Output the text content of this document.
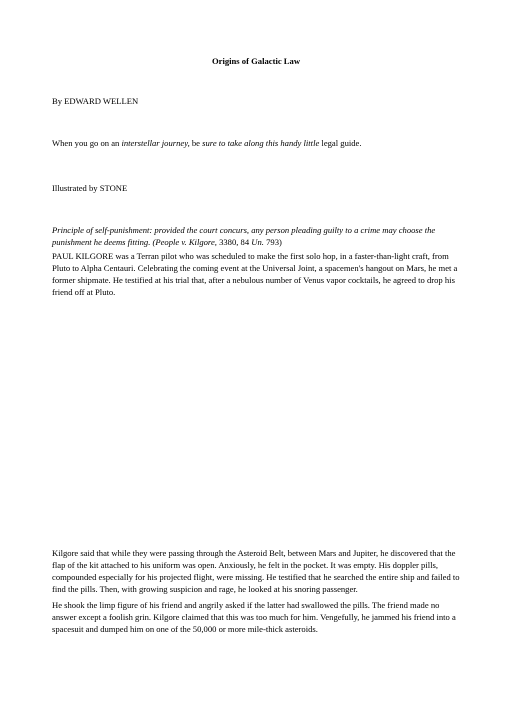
Origins of Galactic Law
By EDWARD WELLEN
When you go on an interstellar journey, be sure to take along this handy little legal guide.
Illustrated by STONE

Principle of self-punishment: provided the court concurs, any person pleading guilty to a crime may choose the punishment he deems fitting. (People v. Kilgore, 3380, 84 Un. 793)

PAUL KILGORE was a Terran pilot who was scheduled to make the first solo hop, in a faster-than-light craft, from Pluto to Alpha Centauri. Celebrating the coming event at the Universal Joint, a spacemen's hangout on Mars, he met a former shipmate. He testified at his trial that, after a nebulous number of Venus vapor cocktails, he agreed to drop his friend off at Pluto.

Kilgore said that while they were passing through the Asteroid Belt, between Mars and Jupiter, he discovered that the flap of the kit attached to his uniform was open. Anxiously, he felt in the pocket. It was empty. His doppler pills, compounded especially for his projected flight, were missing. He testified that he searched the entire ship and failed to find the pills. Then, with growing suspicion and rage, he looked at his snoring passenger.

He shook the limp figure of his friend and angrily asked if the latter had swallowed the pills. The friend made no answer except a foolish grin. Kilgore claimed that this was too much for him. Vengefully, he jammed his friend into a spacesuit and dumped him on one of the 50,000 or more mile-thick asteroids.
